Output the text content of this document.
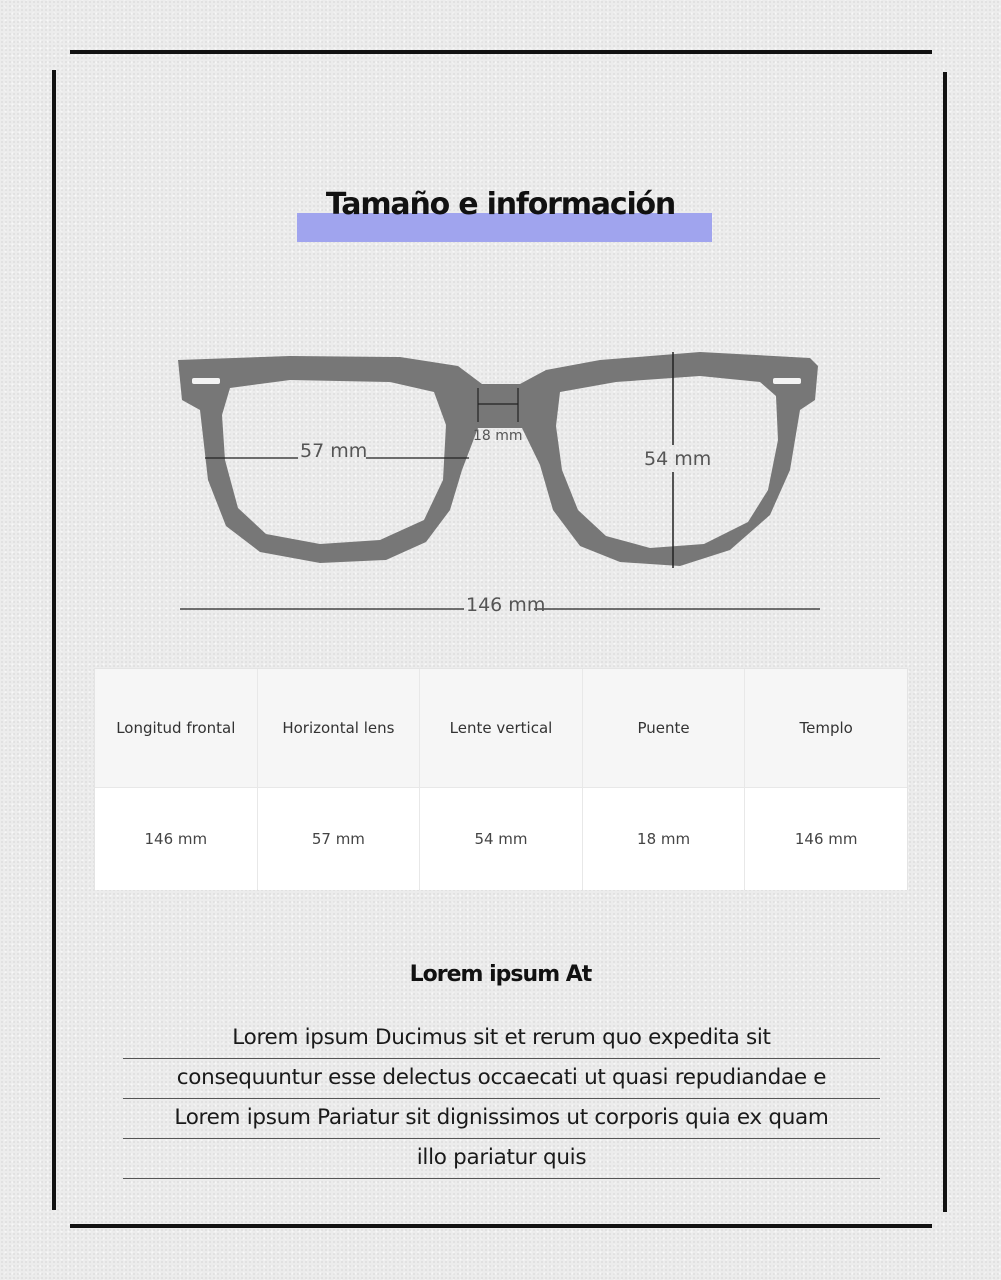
Tamaño e información
57 mm
18 mm
54 mm
146 mm
Longitud frontal	Horizontal lens	Lente vertical	Puente	Templo
146 mm	57 mm	54 mm	18 mm	146 mm
Lorem ipsum At
Lorem ipsum Ducimus sit et rerum quo expedita sit
consequuntur esse delectus occaecati ut quasi repudiandae e
Lorem ipsum Pariatur sit dignissimos ut corporis quia ex quam
illo pariatur quis
